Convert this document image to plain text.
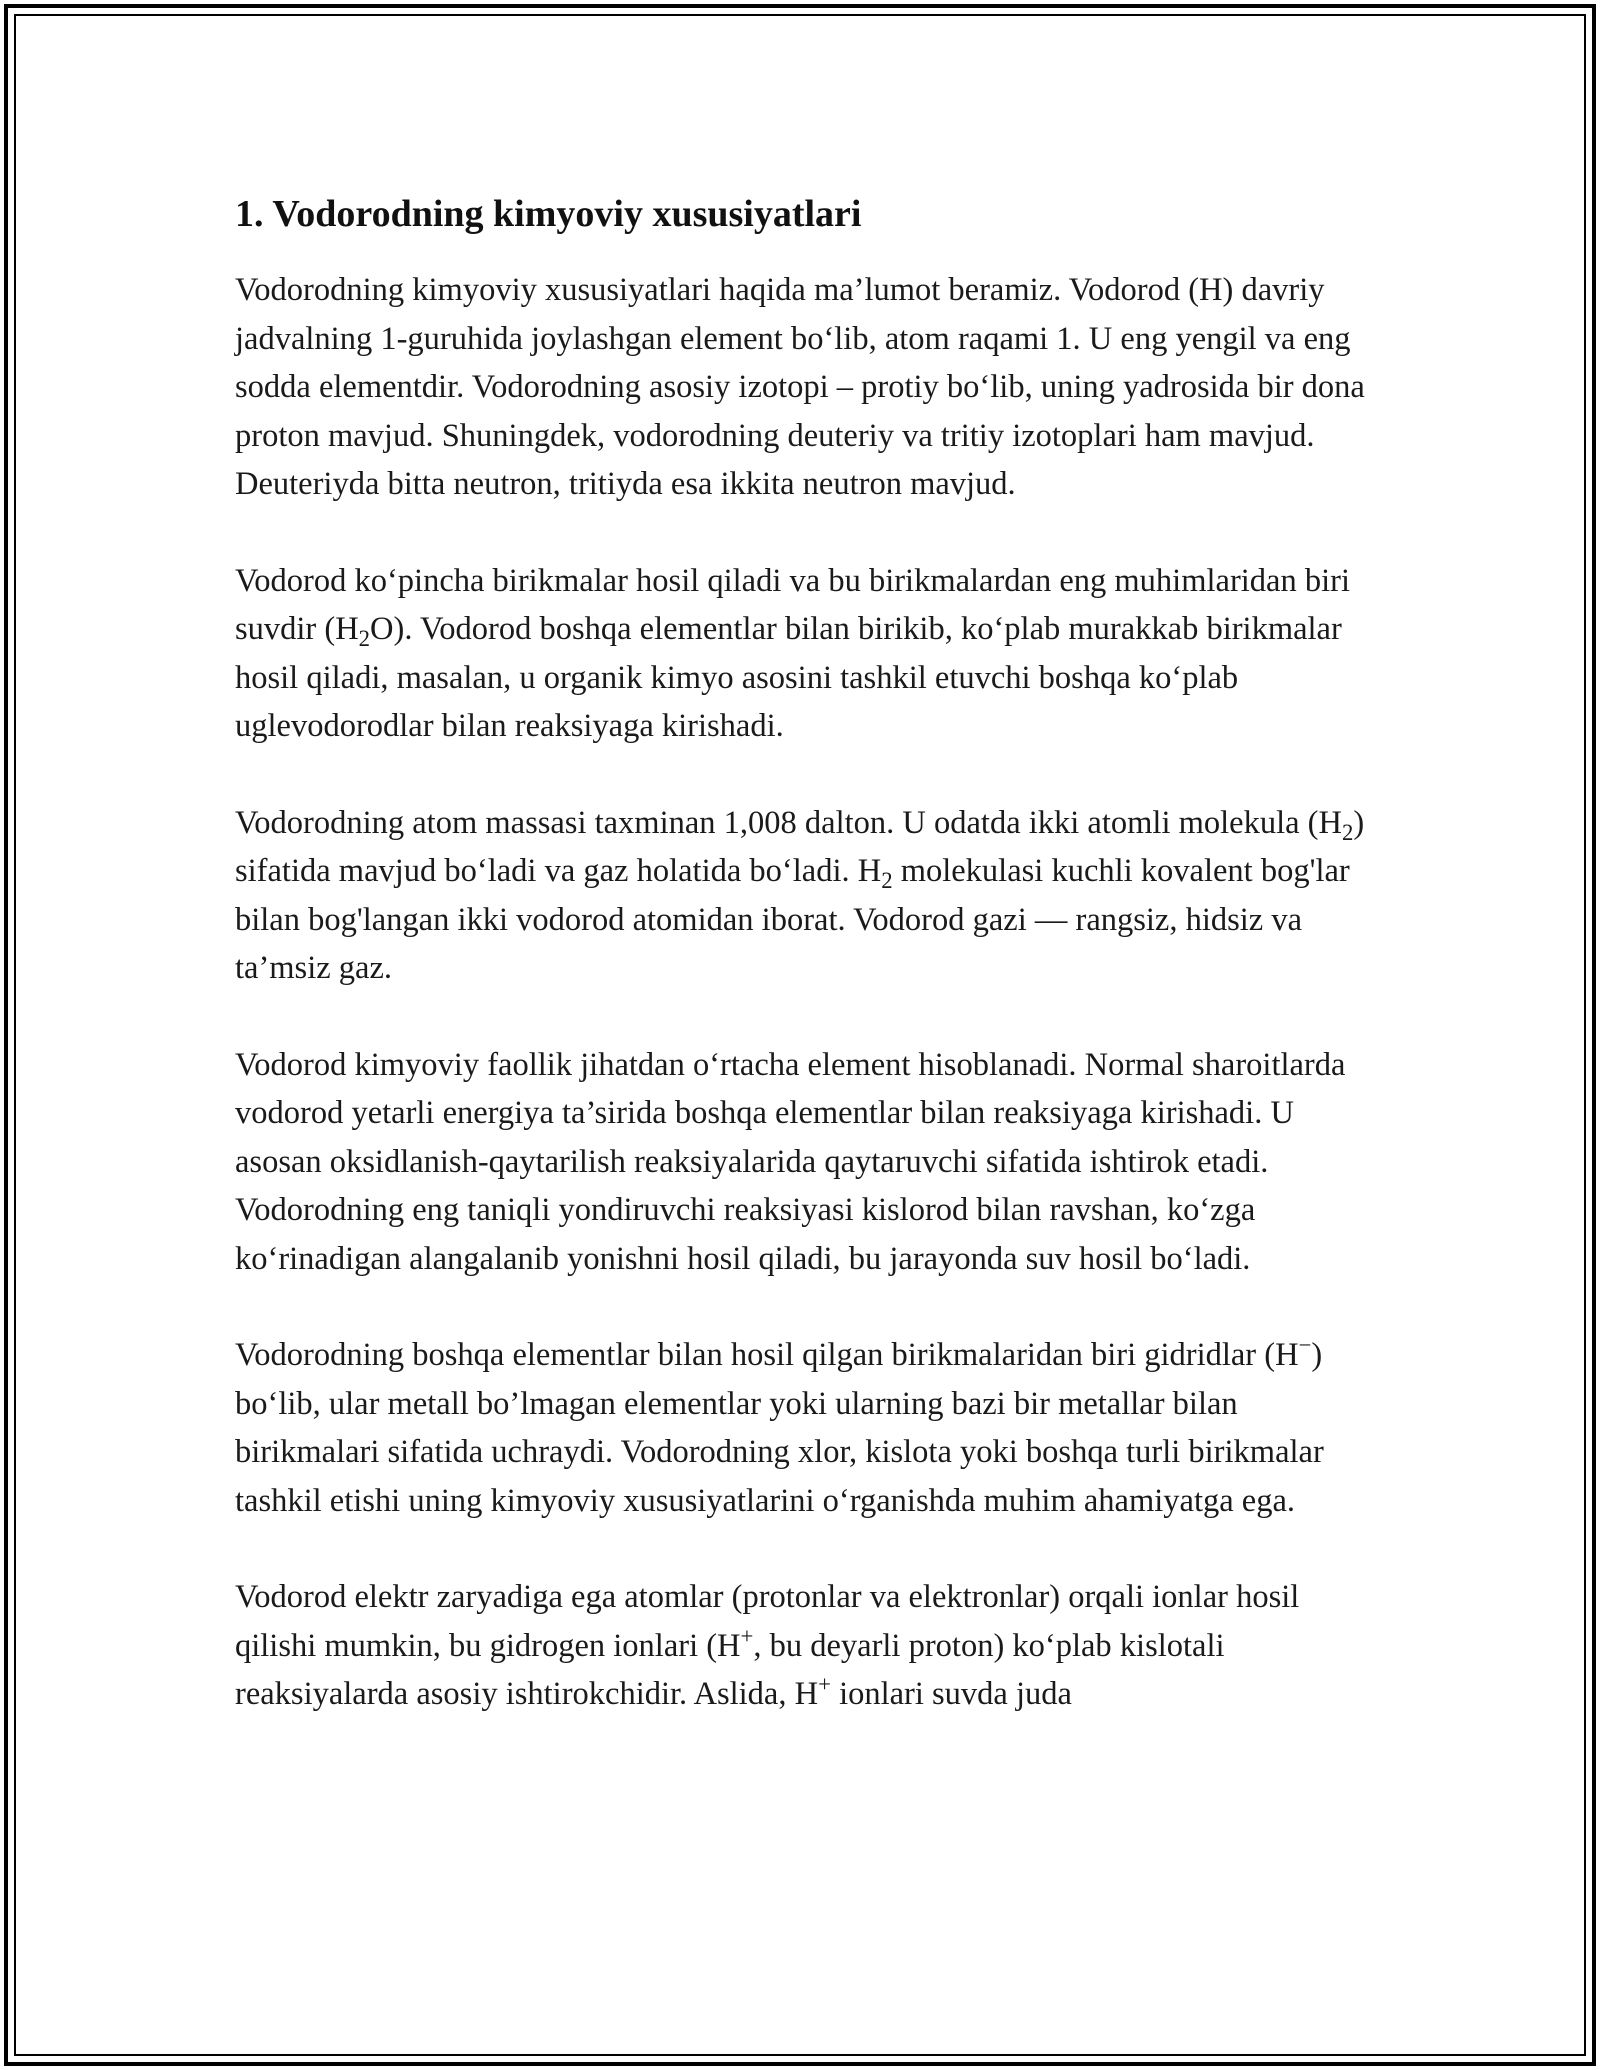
1. Vodorodning kimyoviy xususiyatlari

Vodorodning kimyoviy xususiyatlari haqida ma’lumot beramiz. Vodorod (H) davriy jadvalning 1-guruhida joylashgan element bo‘lib, atom raqami 1. U eng yengil va eng sodda elementdir. Vodorodning asosiy izotopi – protiy bo‘lib, uning yadrosida bir dona proton mavjud. Shuningdek, vodorodning deuteriy va tritiy izotoplari ham mavjud. Deuteriyda bitta neutron, tritiyda esa ikkita neutron mavjud.

Vodorod ko‘pincha birikmalar hosil qiladi va bu birikmalardan eng muhimlaridan biri suvdir $(H_2O)$. Vodorod boshqa elementlar bilan birikib, ko‘plab murakkab birikmalar hosil qiladi, masalan, u organik kimyo asosini tashkil etuvchi boshqa ko‘plab uglevodorodlar bilan reaksiyaga kirishadi.

Vodorodning atom massasi taxminan 1,008 dalton. U odatda ikki atomli molekula $(H_2)$ sifatida mavjud bo‘ladi va gaz holatida bo‘ladi. $H_2$ molekulasi kuchli kovalent bog'lar bilan bog'langan ikki vodorod atomidan iborat. Vodorod gazi — rangsiz, hidsiz va ta’msiz gaz.

Vodorod kimyoviy faollik jihatdan o‘rtacha element hisoblanadi. Normal sharoitlarda vodorod yetarli energiya ta’sirida boshqa elementlar bilan reaksiyaga kirishadi. U asosan oksidlanish-qaytarilish reaksiyalarida qaytaruvchi sifatida ishtirok etadi. Vodorodning eng taniqli yondiruvchi reaksiyasi kislorod bilan ravshan, ko‘zga ko‘rinadigan alangalanib yonishni hosil qiladi, bu jarayonda suv hosil bo‘ladi.

Vodorodning boshqa elementlar bilan hosil qilgan birikmalaridan biri gidridlar (H−) bo‘lib, ular metall bo’lmagan elementlar yoki ularning bazi bir metallar bilan birikmalari sifatida uchraydi. Vodorodning xlor, kislota yoki boshqa turli birikmalar tashkil etishi uning kimyoviy xususiyatlarini o‘rganishda muhim ahamiyatga ega.

Vodorod elektr zaryadiga ega atomlar (protonlar va elektronlar) orqali ionlar hosil qilishi mumkin, bu gidrogen ionlari (H+, bu deyarli proton) ko‘plab kislotali reaksiyalarda asosiy ishtirokchidir. Aslida, H+ ionlari suvda juda
